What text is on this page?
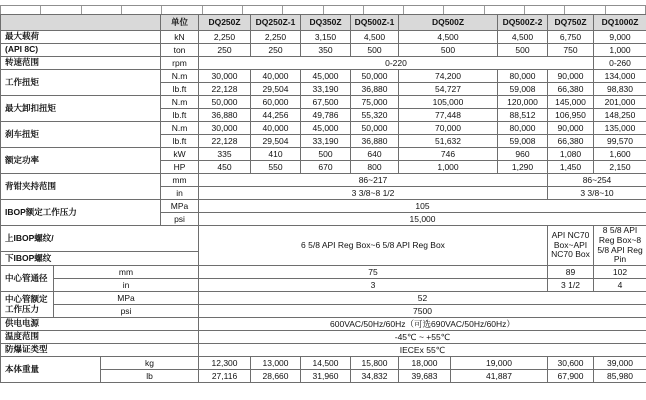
			单位	DQ250Z	DQ250Z-1	DQ350Z	DQ500Z-1	DQ500Z		DQ500Z-2	DQ750Z	DQ1000Z
最大载荷			kN	2,250	2,250	3,150	4,500	4,500		4,500	6,750	9,000
(API 8C)			ton	250	250	350	500	500		500	750	1,000
转速范围			rpm	0-220								0-260
工作扭矩			N.m	30,000	40,000	45,000	50,000	74,200		80,000	90,000	134,000
			lb.ft	22,128	29,504	33,190	36,880	54,727		59,008	66,380	98,830
最大卸扣扭矩			N.m	50,000	60,000	67,500	75,000	105,000		120,000	145,000	201,000
			lb.ft	36,880	44,256	49,786	55,320	77,448		88,512	106,950	148,250
刹车扭矩			N.m	30,000	40,000	45,000	50,000	70,000		80,000	90,000	135,000
			lb.ft	22,128	29,504	33,190	36,880	51,632		59,008	66,380	99,570
额定功率			kW	335	410	500	640	746		960	1,080	1,600
			HP	450	550	670	800	1,000		1,290	1,450	2,150
背钳夹持范围			mm	86~217							86~254	
			in	3 3/8~8 1/2							3 3/8~10	
IBOP额定工作压力			MPa	105								
			psi	15,000								
上IBOP螺纹/				6 5/8 API Reg Box~6 5/8 API Reg Box							API NC70 Box~API NC70 Box	8 5/8 API Reg Box~8 5/8 API Reg Pin
下IBOP螺纹												
中心管通径	mm			75							89	102
	in			3							3 1/2	4
中心管额定工作压力	MPa			52								
	psi			7500								
供电电源				600VAC/50Hz/60Hz（可选690VAC/50Hz/60Hz）								
温度范围				-45℃ ~ +55℃								
防爆证类型				IECEx 55℃								
本体重量		kg		12,300	13,000	14,500	15,800	18,000	19,000		30,600	39,000
		lb		27,116	28,660	31,960	34,832	39,683	41,887		67,900	85,980
